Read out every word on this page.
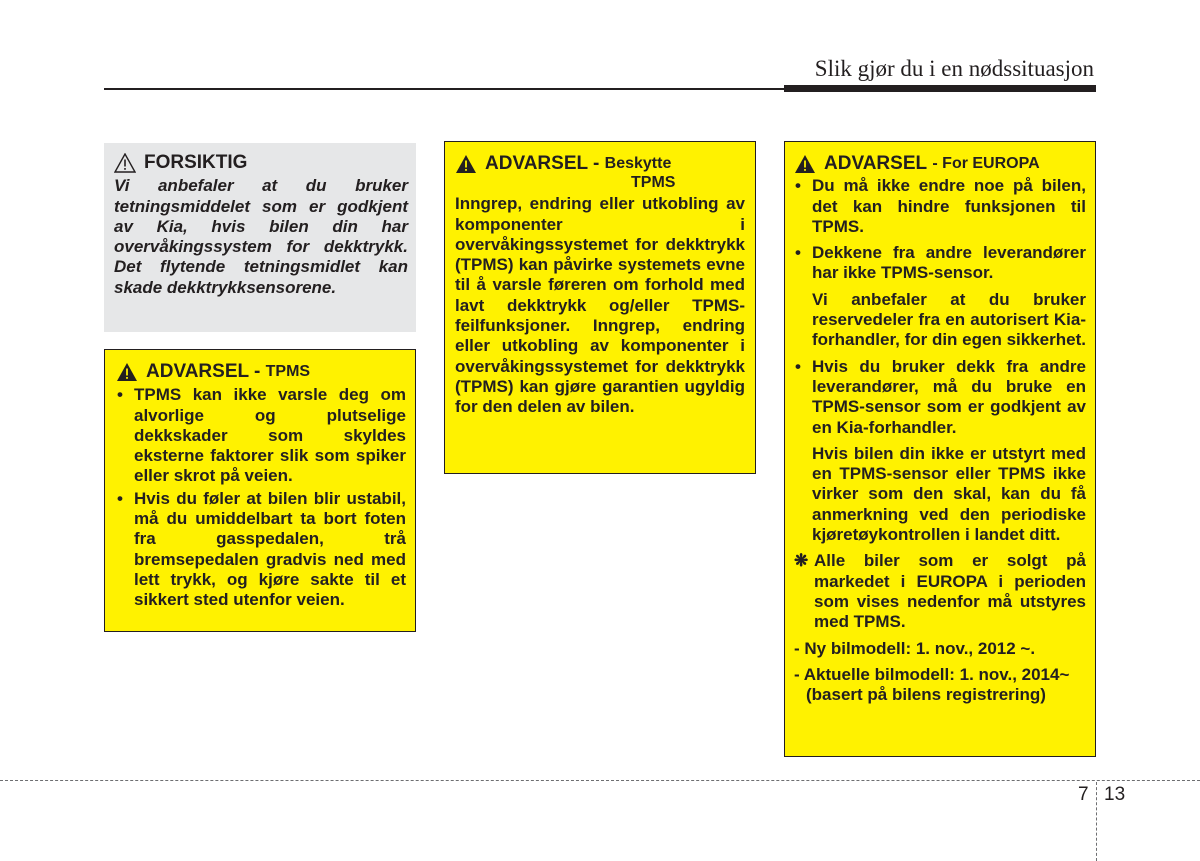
Slik gjør du i en nødssituasjon
FORSIKTIG
Vi anbefaler at du bruker tetningsmiddelet som er godkjent av Kia, hvis bilen din har overvåkingssystem for dekktrykk. Det flytende tetningsmidlet kan skade dekktrykksensorene.
ADVARSEL -
TPMS
• TPMS kan ikke varsle deg om alvorlige og plutselige dekkskader som skyldes eksterne faktorer slik som spiker eller skrot på veien.
• Hvis du føler at bilen blir ustabil, må du umiddelbart ta bort foten fra gasspedalen, trå bremsepedalen gradvis ned med lett trykk, og kjøre sakte til et sikkert sted utenfor veien.
ADVARSEL -
Beskytte
TPMS
Inngrep, endring eller utkobling av komponenter i overvåkingssystemet for dekktrykk (TPMS) kan påvirke systemets evne til å varsle føreren om forhold med lavt dekktrykk og/eller TPMS-feilfunksjoner. Inngrep, endring eller utkobling av komponenter i overvåkingssystemet for dekktrykk (TPMS) kan gjøre garantien ugyldig for den delen av bilen.
ADVARSEL
- For EUROPA
• Du må ikke endre noe på bilen, det kan hindre funksjonen til TPMS.
• Dekkene fra andre leverandører har ikke TPMS-sensor.
Vi anbefaler at du bruker reservedeler fra en autorisert Kia-forhandler, for din egen sikkerhet.
• Hvis du bruker dekk fra andre leverandører, må du bruke en TPMS-sensor som er godkjent av en Kia-forhandler.
Hvis bilen din ikke er utstyrt med en TPMS-sensor eller TPMS ikke virker som den skal, kan du få anmerkning ved den periodiske kjøretøykontrollen i landet ditt.
❋ Alle biler som er solgt på markedet i EUROPA i perioden som vises nedenfor må utstyres med TPMS.
- Ny bilmodell: 1. nov., 2012 ~.
- Aktuelle bilmodell: 1. nov., 2014~ (basert på bilens registrering)
7 13
